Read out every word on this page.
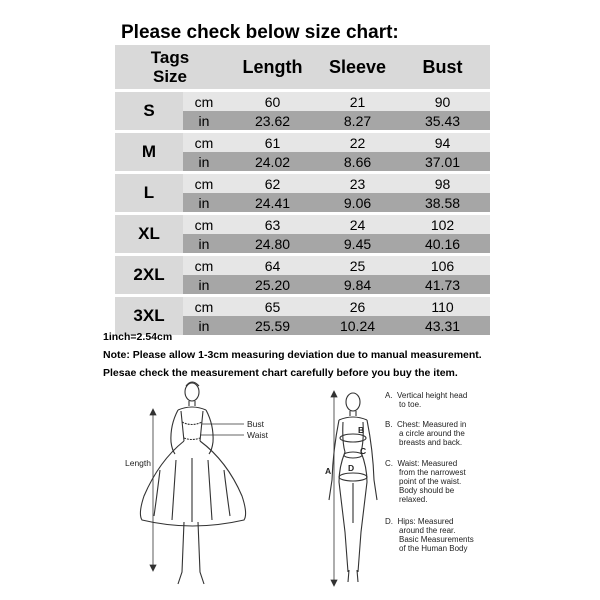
Please check below size chart:
Tags
Size		Length	Sleeve	Bust
S	cm	60	21	90
	in	23.62	8.27	35.43
M	cm	61	22	94
	in	24.02	8.66	37.01
L	cm	62	23	98
	in	24.41	9.06	38.58
XL	cm	63	24	102
	in	24.80	9.45	40.16
2XL	cm	64	25	106
	in	25.20	9.84	41.73
3XL	cm	65	26	110
	in	25.59	10.24	43.31
1inch=2.54cm
Note: Please allow 1-3cm measuring deviation due to manual measurement.
Plesae check the measurement chart carefully before you buy the item.
Bust
Waist
Length
B
C
A D
A. Vertical height head
to toe.
B. Chest: Measured in
a circle around the
breasts and back.
C. Waist: Measured
from the narrowest
point of the waist.
Body should be
relaxed.
D. Hips: Measured
around the rear.
Basic Measurements
of the Human Body
